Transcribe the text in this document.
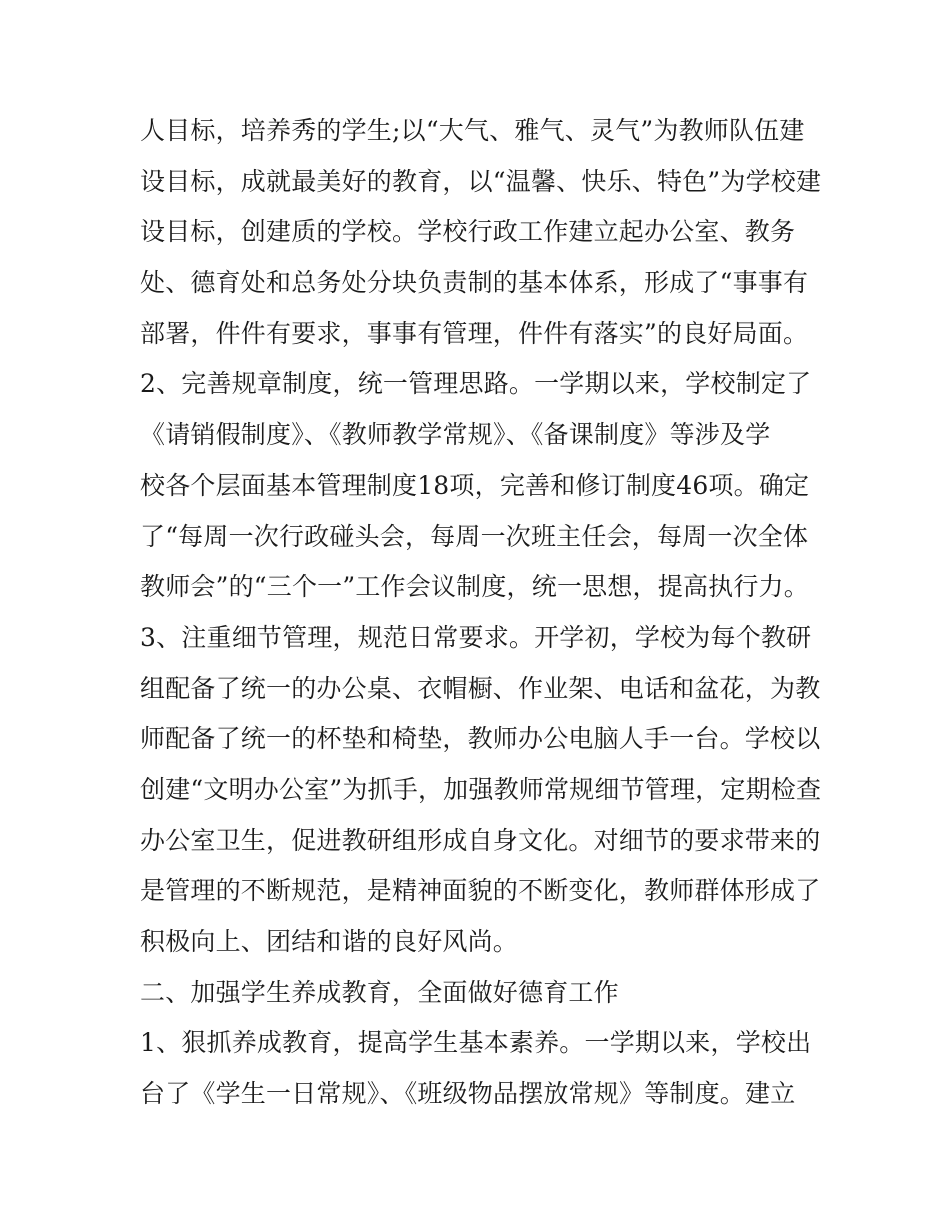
人目标，培养秀的学生;以“大气、雅气、灵气”为教师队伍建
设目标，成就最美好的教育，以“温馨、快乐、特色”为学校建
设目标，创建质的学校。学校行政工作建立起办公室、教务
处、德育处和总务处分块负责制的基本体系，形成了“事事有
部署，件件有要求，事事有管理，件件有落实”的良好局面。
2、完善规章制度，统一管理思路。一学期以来，学校制定了
《请销假制度》、《教师教学常规》、《备课制度》等涉及学
校各个层面基本管理制度18项，完善和修订制度46项。确定
了“每周一次行政碰头会，每周一次班主任会，每周一次全体
教师会”的“三个一”工作会议制度，统一思想，提高执行力。
3、注重细节管理，规范日常要求。开学初，学校为每个教研
组配备了统一的办公桌、衣帽橱、作业架、电话和盆花，为教
师配备了统一的杯垫和椅垫，教师办公电脑人手一台。学校以
创建“文明办公室”为抓手，加强教师常规细节管理，定期检查
办公室卫生，促进教研组形成自身文化。对细节的要求带来的
是管理的不断规范，是精神面貌的不断变化，教师群体形成了
积极向上、团结和谐的良好风尚。
二、加强学生养成教育，全面做好德育工作
1、狠抓养成教育，提高学生基本素养。一学期以来，学校出
台了《学生一日常规》、《班级物品摆放常规》等制度。建立
